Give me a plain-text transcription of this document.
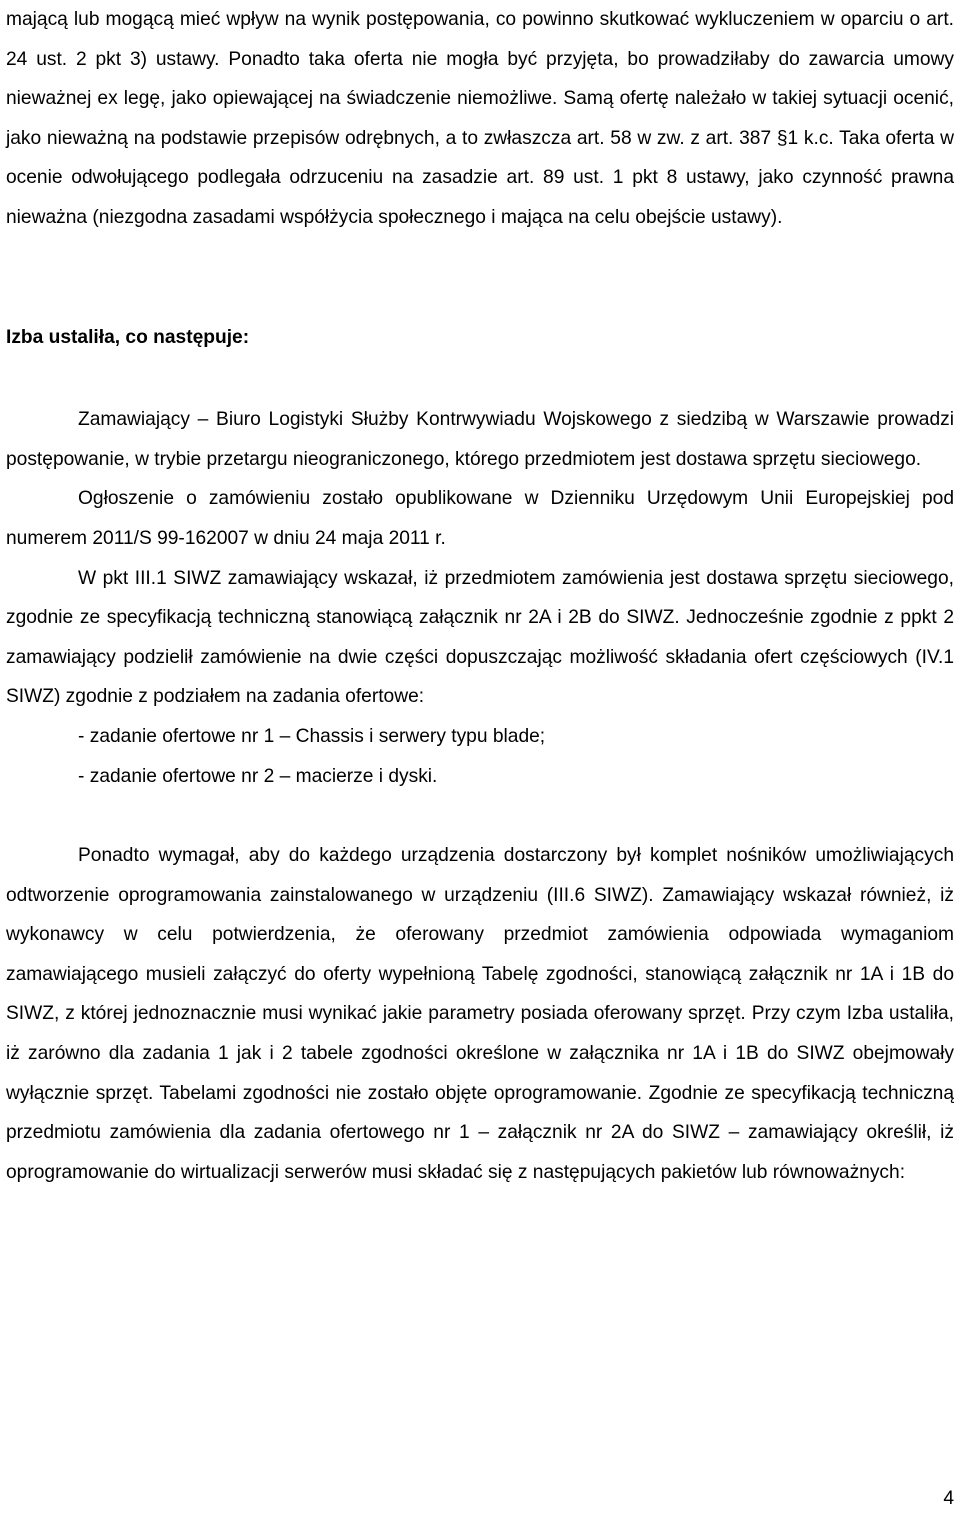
mającą lub mogącą mieć wpływ na wynik postępowania, co powinno skutkować wykluczeniem w oparciu o art. 24 ust. 2 pkt 3) ustawy. Ponadto taka oferta nie mogła być przyjęta, bo prowadziłaby do zawarcia umowy nieważnej ex legę, jako opiewającej na świadczenie niemożliwe. Samą ofertę należało w takiej sytuacji ocenić, jako nieważną na podstawie przepisów odrębnych, a to zwłaszcza art. 58 w zw. z art. 387 §1 k.c. Taka oferta w ocenie odwołującego podlegała odrzuceniu na zasadzie art. 89 ust. 1 pkt 8 ustawy, jako czynność prawna nieważna (niezgodna zasadami współżycia społecznego i mająca na celu obejście ustawy).

Izba ustaliła, co następuje:

Zamawiający – Biuro Logistyki Służby Kontrwywiadu Wojskowego z siedzibą w Warszawie prowadzi postępowanie, w trybie przetargu nieograniczonego, którego przedmiotem jest dostawa sprzętu sieciowego.

Ogłoszenie o zamówieniu zostało opublikowane w Dzienniku Urzędowym Unii Europejskiej pod numerem 2011/S 99-162007 w dniu 24 maja 2011 r.

W pkt III.1 SIWZ zamawiający wskazał, iż przedmiotem zamówienia jest dostawa sprzętu sieciowego, zgodnie ze specyfikacją techniczną stanowiącą załącznik nr 2A i 2B do SIWZ. Jednocześnie zgodnie z ppkt 2 zamawiający podzielił zamówienie na dwie części dopuszczając możliwość składania ofert częściowych (IV.1 SIWZ) zgodnie z podziałem na zadania ofertowe:

- zadanie ofertowe nr 1 – Chassis i serwery typu blade;
- zadanie ofertowe nr 2 – macierze i dyski.

Ponadto wymagał, aby do każdego urządzenia dostarczony był komplet nośników umożliwiających odtworzenie oprogramowania zainstalowanego w urządzeniu (III.6 SIWZ). Zamawiający wskazał również, iż wykonawcy w celu potwierdzenia, że oferowany przedmiot zamówienia odpowiada wymaganiom zamawiającego musieli załączyć do oferty wypełnioną Tabelę zgodności, stanowiącą załącznik nr 1A i 1B do SIWZ, z której jednoznacznie musi wynikać jakie parametry posiada oferowany sprzęt. Przy czym Izba ustaliła, iż zarówno dla zadania 1 jak i 2 tabele zgodności określone w załącznika nr 1A i 1B do SIWZ obejmowały wyłącznie sprzęt. Tabelami zgodności nie zostało objęte oprogramowanie. Zgodnie ze specyfikacją techniczną przedmiotu zamówienia dla zadania ofertowego nr 1 – załącznik nr 2A do SIWZ – zamawiający określił, iż oprogramowanie do wirtualizacji serwerów musi składać się z następujących pakietów lub równoważnych:

4
